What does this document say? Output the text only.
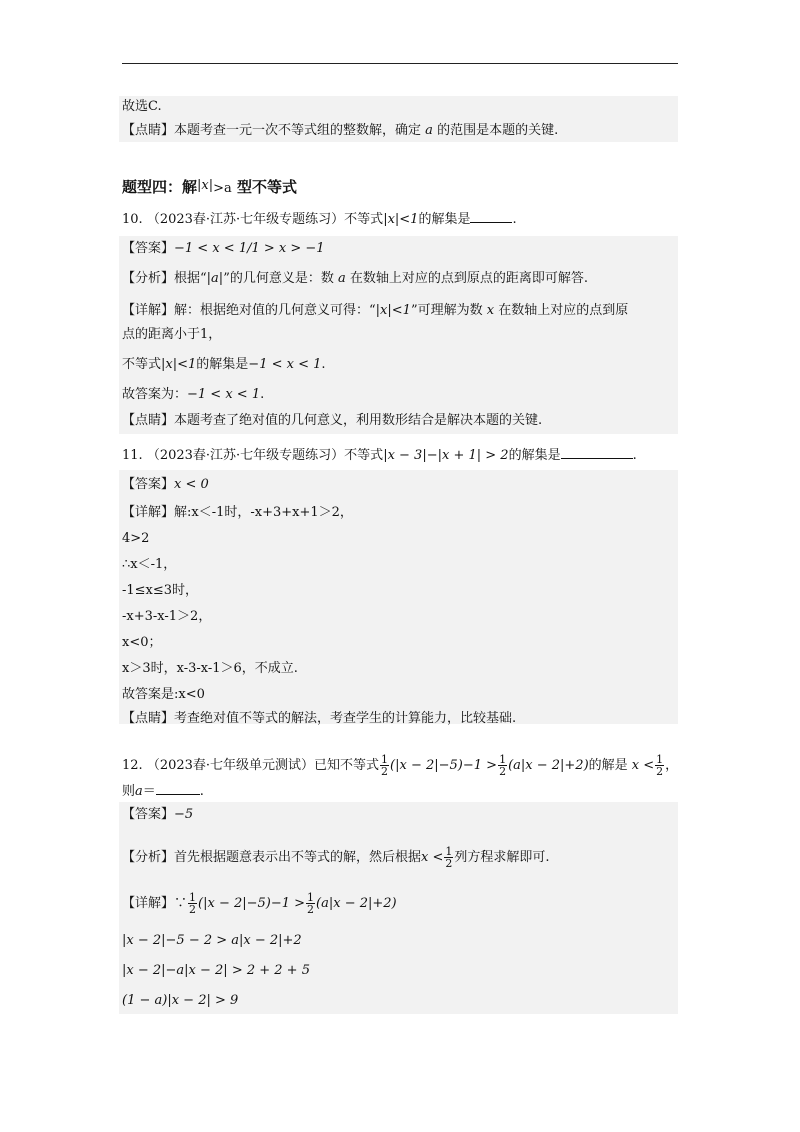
故选C.
【点睛】本题考查一元一次不等式组的整数解，确定 a 的范围是本题的关键.
题型四：解|x|>a 型不等式
10. （2023春·江苏·七年级专题练习）不等式|x|<1的解集是	.
【答案】−1 < x < 1/1 > x > −1
【分析】根据“|a|”的几何意义是：数 a 在数轴上对应的点到原点的距离即可解答.
【详解】解：根据绝对值的几何意义可得：“|x|<1”可理解为数 x 在数轴上对应的点到原
点的距离小于1，
不等式|x|<1的解集是−1 < x < 1.
故答案为：−1 < x < 1.
【点睛】本题考查了绝对值的几何意义，利用数形结合是解决本题的关键.
11. （2023春·江苏·七年级专题练习）不等式|x − 3|−|x + 1| > 2的解集是	.
【答案】x < 0
【详解】解:x＜-1时，-x+3+x+1＞2，
4>2
∴x＜-1，
-1≤x≤3时，
-x+3-x-1＞2，
x<0；
x＞3时，x-3-x-1＞6，不成立.
故答案是:x<0
【点睛】考查绝对值不等式的解法，考查学生的计算能力，比较基础.
12. （2023春·七年级单元测试）已知不等式 $\frac{1}{2} (|x - 2|-5)-1 > \frac{1}{2} (a|x - 2|+2)$的解是 $x < \frac{1}{2}$ ，
则a＝	.
【答案】−5
【分析】首先根据题意表示出不等式的解，然后根据$x < \frac{1}{2}$ 列方程求解即可.
【详解】∵ $\frac{1}{2} (|x - 2|-5)-1 > \frac{1}{2} (a|x - 2|+2)$
|x − 2|−5 − 2 > a|x − 2|+2
|x − 2|−a|x − 2| > 2 + 2 + 5
(1 − a)|x − 2| > 9
